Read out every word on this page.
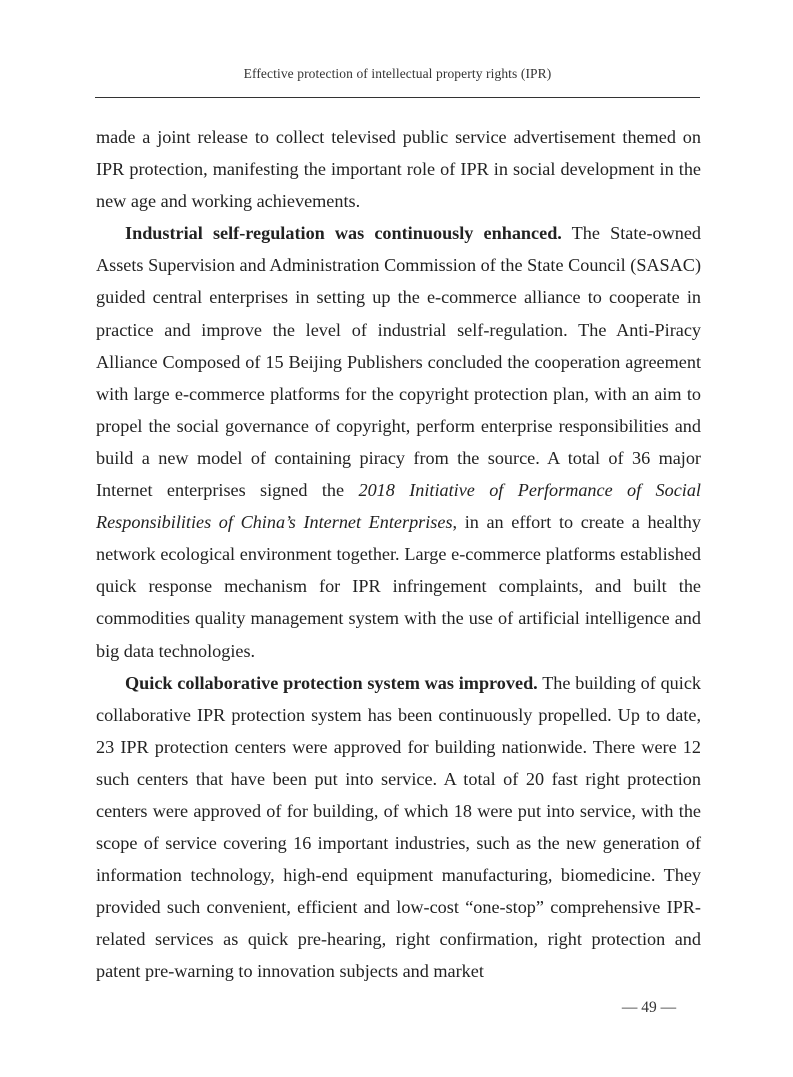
Effective protection of intellectual property rights (IPR)

made a joint release to collect televised public service advertisement themed on IPR protection, manifesting the important role of IPR in social development in the new age and working achievements.

Industrial self-regulation was continuously enhanced. The State-owned Assets Supervision and Administration Commission of the State Council (SASAC) guided central enterprises in setting up the e-commerce alliance to cooperate in practice and improve the level of industrial self-regulation. The Anti-Piracy Alliance Composed of 15 Beijing Publishers concluded the cooperation agreement with large e-commerce platforms for the copyright protection plan, with an aim to propel the social governance of copyright, perform enterprise responsibilities and build a new model of containing piracy from the source. A total of 36 major Internet enterprises signed the 2018 Initiative of Performance of Social Responsibilities of China’s Internet Enterprises, in an effort to create a healthy network ecological environment together. Large e-commerce platforms established quick response mechanism for IPR infringement complaints, and built the commodities quality management system with the use of artificial intelligence and big data technologies.

Quick collaborative protection system was improved. The building of quick collaborative IPR protection system has been continuously propelled. Up to date, 23 IPR protection centers were approved for building nationwide. There were 12 such centers that have been put into service. A total of 20 fast right protection centers were approved of for building, of which 18 were put into service, with the scope of service covering 16 important industries, such as the new generation of information technology, high-end equipment manufacturing, biomedicine. They provided such convenient, efficient and low-cost “one-stop” comprehensive IPR-related services as quick pre-hearing, right confirmation, right protection and patent pre-warning to innovation subjects and market

— 49 —
